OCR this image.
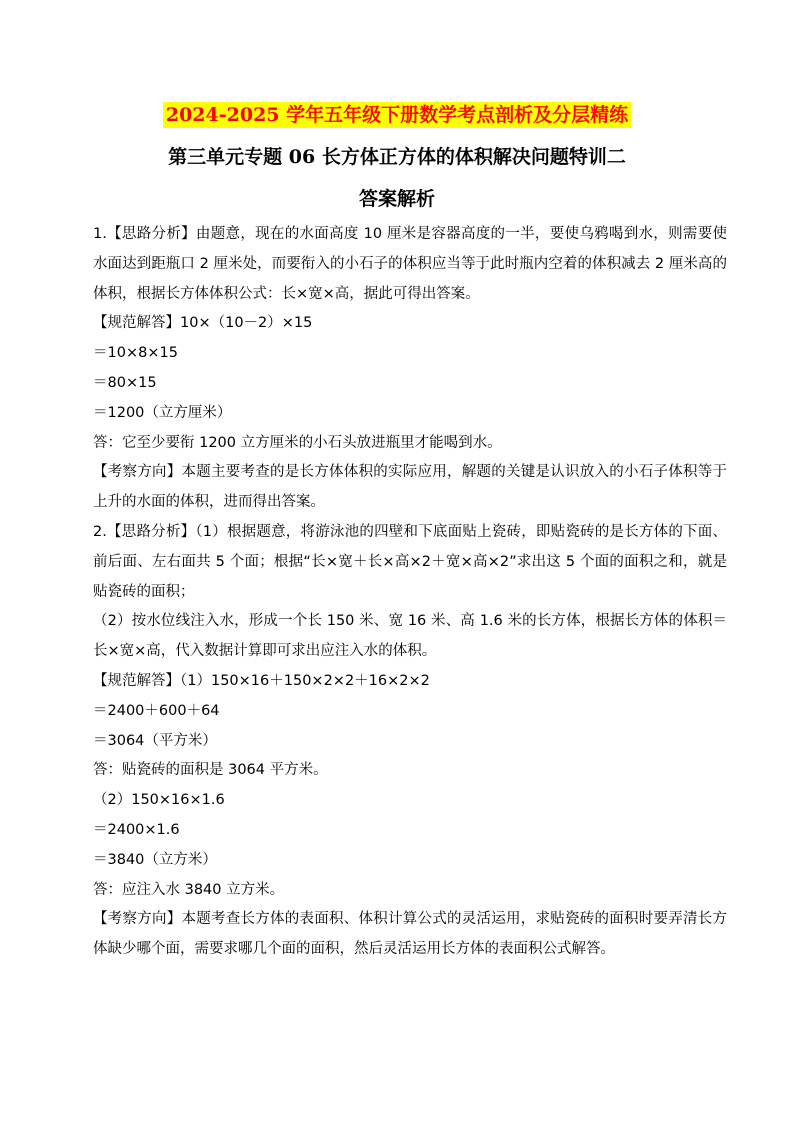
2024-2025 学年五年级下册数学考点剖析及分层精练
第三单元专题 06 长方体正方体的体积解决问题特训二
答案解析

1.【思路分析】由题意，现在的水面高度 10 厘米是容器高度的一半，要使乌鸦喝到水，则需要使水面达到距瓶口 2 厘米处，而要衔入的小石子的体积应当等于此时瓶内空着的体积减去 2 厘米高的体积，根据长方体体积公式：长×宽×高，据此可得出答案。

【规范解答】10×（10－2）×15

＝10×8×15

＝80×15

＝1200（立方厘米）

答：它至少要衔 1200 立方厘米的小石头放进瓶里才能喝到水。

【考察方向】本题主要考查的是长方体体积的实际应用，解题的关键是认识放入的小石子体积等于上升的水面的体积，进而得出答案。

2.【思路分析】（1）根据题意，将游泳池的四壁和下底面贴上瓷砖，即贴瓷砖的是长方体的下面、前后面、左右面共 5 个面；根据“长×宽＋长×高×2＋宽×高×2”求出这 5 个面的面积之和，就是贴瓷砖的面积；

（2）按水位线注入水，形成一个长 150 米、宽 16 米、高 1.6 米的长方体，根据长方体的体积＝长×宽×高，代入数据计算即可求出应注入水的体积。

【规范解答】（1）150×16＋150×2×2＋16×2×2

＝2400＋600＋64

＝3064（平方米）

答：贴瓷砖的面积是 3064 平方米。

（2）150×16×1.6

＝2400×1.6

＝3840（立方米）

答：应注入水 3840 立方米。

【考察方向】本题考查长方体的表面积、体积计算公式的灵活运用，求贴瓷砖的面积时要弄清长方体缺少哪个面，需要求哪几个面的面积，然后灵活运用长方体的表面积公式解答。
